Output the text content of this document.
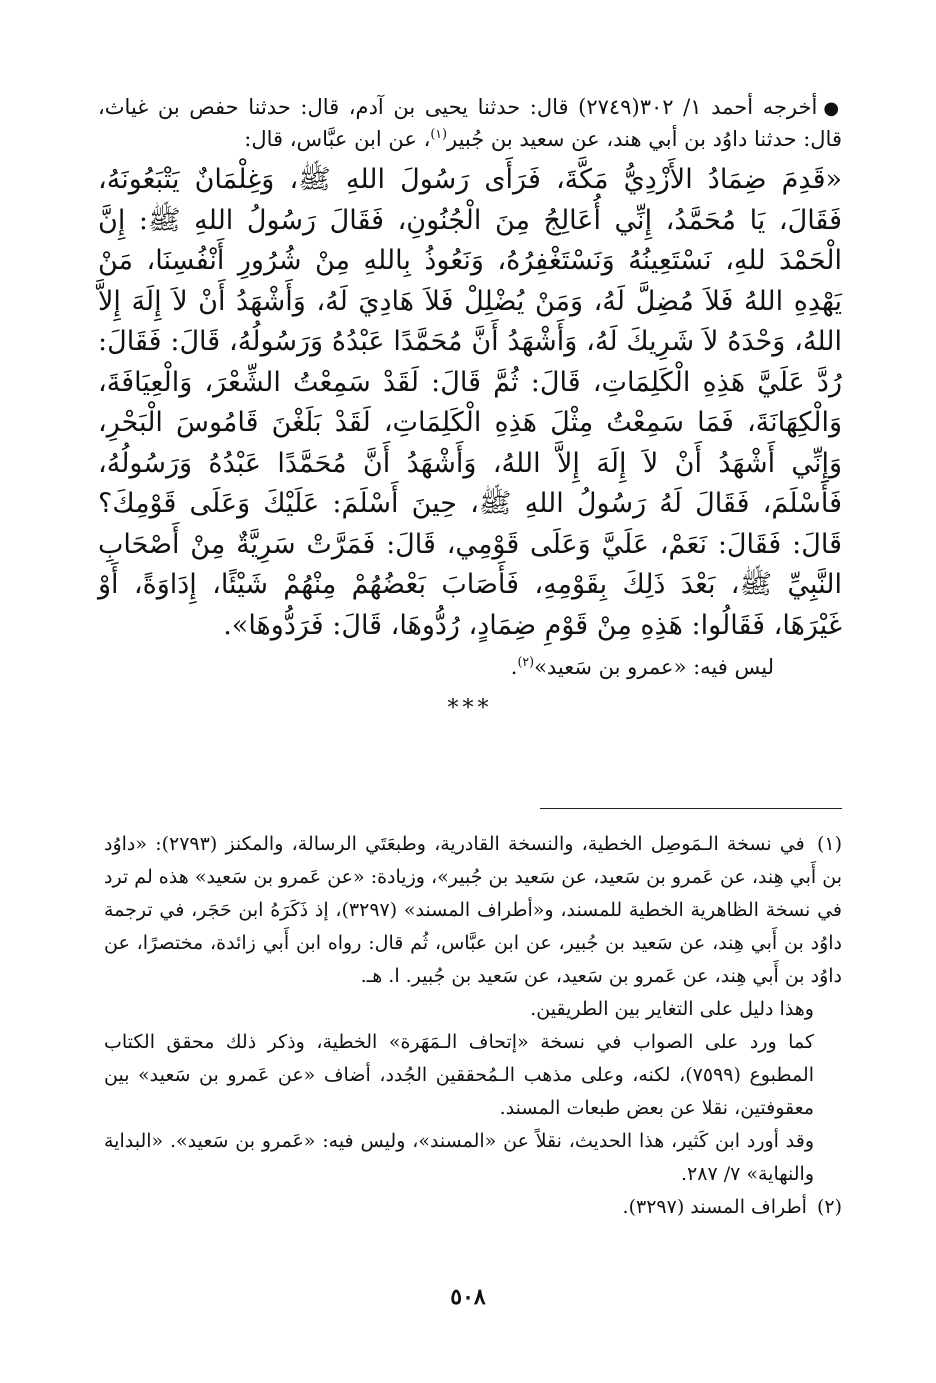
●أخرجه أحمد ١/ ٣٠٢(٢٧٤٩) قال: حدثنا يحيى بن آدم، قال: حدثنا حفص بن غياث، قال: حدثنا داوُد بن أبي هند، عن سعيد بن جُبير$^{(١)}$، عن ابن عبَّاس، قال:

«قَدِمَ ضِمَادُ الأَزْدِيُّ مَكَّةَ، فَرَأَى رَسُولَ اللهِ ﷺ، وَغِلْمَانٌ يَتْبَعُونَهُ، فَقَالَ، يَا مُحَمَّدُ، إِنِّي أُعَالِجُ مِنَ الْجُنُونِ، فَقَالَ رَسُولُ اللهِ ﷺ: إِنَّ الْحَمْدَ للهِ، نَسْتَعِينُهُ وَنَسْتَغْفِرُهُ، وَنَعُوذُ بِاللهِ مِنْ شُرُورِ أَنْفُسِنَا، مَنْ يَهْدِهِ اللهُ فَلاَ مُضِلَّ لَهُ، وَمَنْ يُضْلِلْ فَلاَ هَادِيَ لَهُ، وَأَشْهَدُ أَنْ لاَ إِلَهَ إِلاَّ اللهُ، وَحْدَهُ لاَ شَرِيكَ لَهُ، وَأَشْهَدُ أَنَّ مُحَمَّدًا عَبْدُهُ وَرَسُولُهُ، قَالَ: فَقَالَ: رُدَّ عَلَيَّ هَذِهِ الْكَلِمَاتِ، قَالَ: ثُمَّ قَالَ: لَقَدْ سَمِعْتُ الشِّعْرَ، وَالْعِيَافَةَ، وَالْكِهَانَةَ، فَمَا سَمِعْتُ مِثْلَ هَذِهِ الْكَلِمَاتِ، لَقَدْ بَلَغْنَ قَامُوسَ الْبَحْرِ، وَإِنِّي أَشْهَدُ أَنْ لاَ إِلَهَ إِلاَّ اللهُ، وَأَشْهَدُ أَنَّ مُحَمَّدًا عَبْدُهُ وَرَسُولُهُ، فَأَسْلَمَ، فَقَالَ لَهُ رَسُولُ اللهِ ﷺ، حِينَ أَسْلَمَ: عَلَيْكَ وَعَلَى قَوْمِكَ؟ قَالَ: فَقَالَ: نَعَمْ، عَلَيَّ وَعَلَى قَوْمِي، قَالَ: فَمَرَّتْ سَرِيَّةٌ مِنْ أَصْحَابِ النَّبِيِّ ﷺ، بَعْدَ ذَلِكَ بِقَوْمِهِ، فَأَصَابَ بَعْضُهُمْ مِنْهُمْ شَيْئًا، إِدَاوَةً، أَوْ غَيْرَهَا، فَقَالُوا: هَذِهِ مِنْ قَوْمِ ضِمَادٍ، رُدُّوهَا، قَالَ: فَرَدُّوهَا».

ليس فيه: «عمرو بن سَعيد»$^{(٢)}$.

***

(١) في نسخة الـمَوصِل الخطية، والنسخة القادرية، وطبعَتَي الرسالة، والمكنز (٢٧٩٣): «داوُد بن أَبي هِند، عن عَمرو بن سَعيد، عن سَعيد بن جُبير»، وزيادة: «عن عَمرو بن سَعيد» هذه لم ترد في نسخة الظاهرية الخطية للمسند، و«أطراف المسند» (٣٢٩٧)، إذ ذَكَرَهُ ابن حَجَر، في ترجمة داوُد بن أَبي هِند، عن سَعيد بن جُبير، عن ابن عبَّاس، ثُم قال: رواه ابن أَبي زائدة، مختصرًا، عن داوُد بن أَبي هِند، عن عَمرو بن سَعيد، عن سَعيد بن جُبير. ا. هـ.

وهذا دليل على التغاير بين الطريقين.

كما ورد على الصواب في نسخة «إتحاف الـمَهَرة» الخطية، وذكر ذلك محقق الكتاب المطبوع (٧٥٩٩)، لكنه، وعلى مذهب الـمُحققين الجُدد، أضاف «عن عَمرو بن سَعيد» بين معقوفتين، نقلا عن بعض طبعات المسند.

وقد أورد ابن كَثير، هذا الحديث، نقلاً عن «المسند»، وليس فيه: «عَمرو بن سَعيد». «البداية والنهاية» ٧/ ٢٨٧.

(٢) أطراف المسند (٣٢٩٧).

٥٠٨
